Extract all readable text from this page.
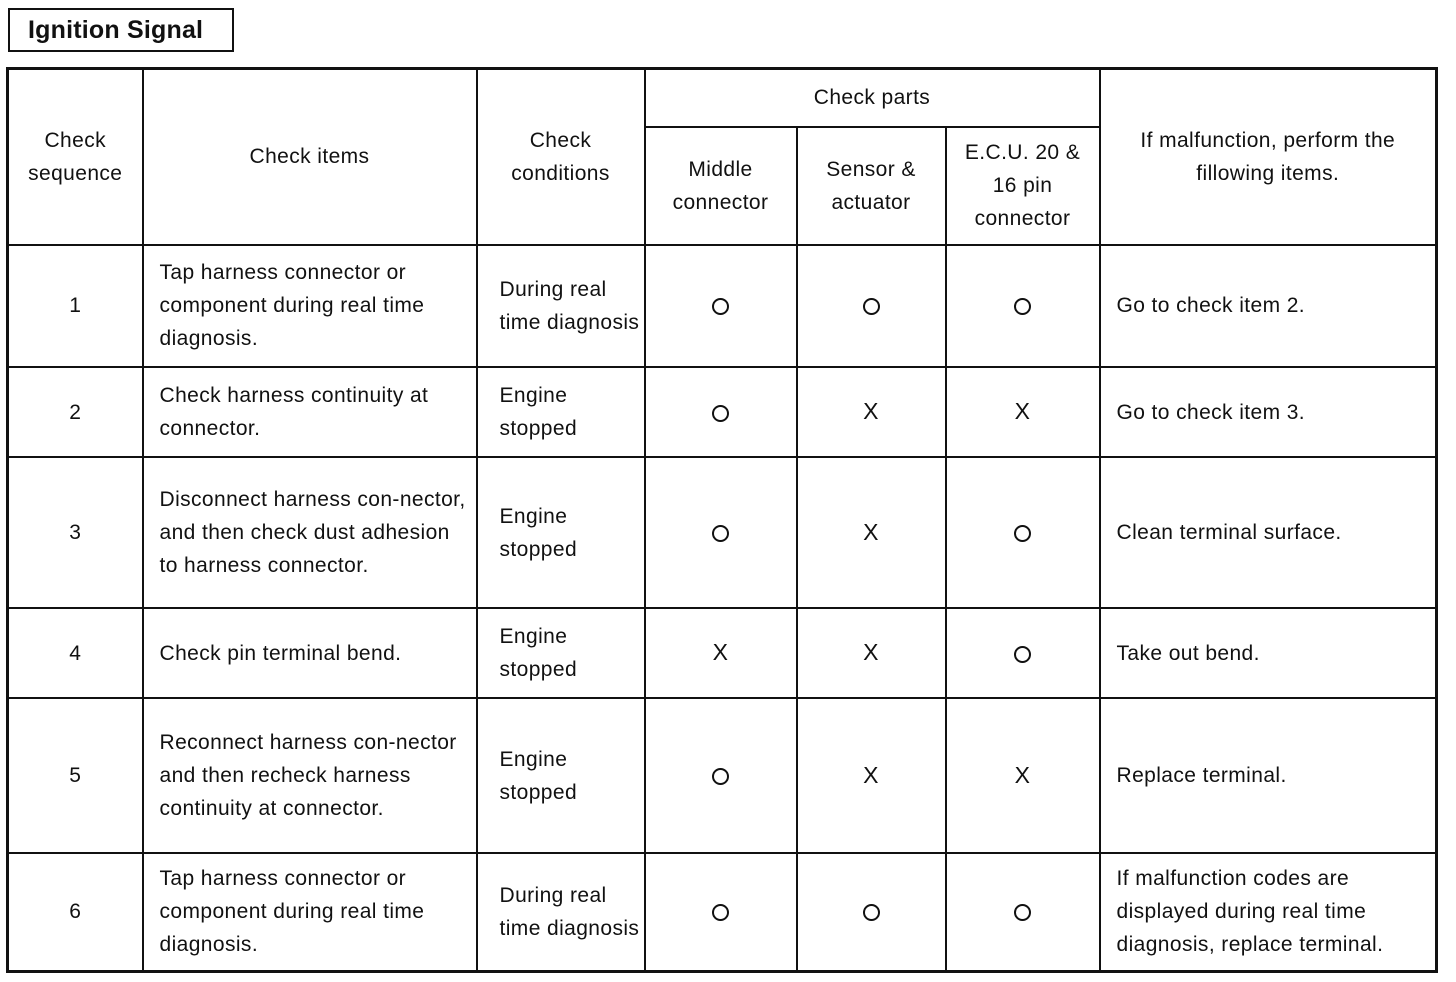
Ignition Signal
Check sequence	Check items	Check conditions	Check parts			If malfunction, perform the fillowing items.

			Middle connector	Sensor & actuator	E.C.U. 20 & 16 pin connector	

1	Tap harness connector or component during real time diagnosis.	During real time diagnosis				Go to check item 2.
2	Check harness continuity at connector.	Engine stopped		X	X	Go to check item 3.
3	Disconnect harness con-nector, and then check dust adhesion to harness connector.	Engine stopped		X		Clean terminal surface.
4	Check pin terminal bend.	Engine stopped	X	X		Take out bend.
5	Reconnect harness con-nector and then recheck harness continuity at connector.	Engine stopped		X	X	Replace terminal.
6	Tap harness connector or component during real time diagnosis.	During real time diagnosis				If malfunction codes are displayed during real time diagnosis, replace terminal.
